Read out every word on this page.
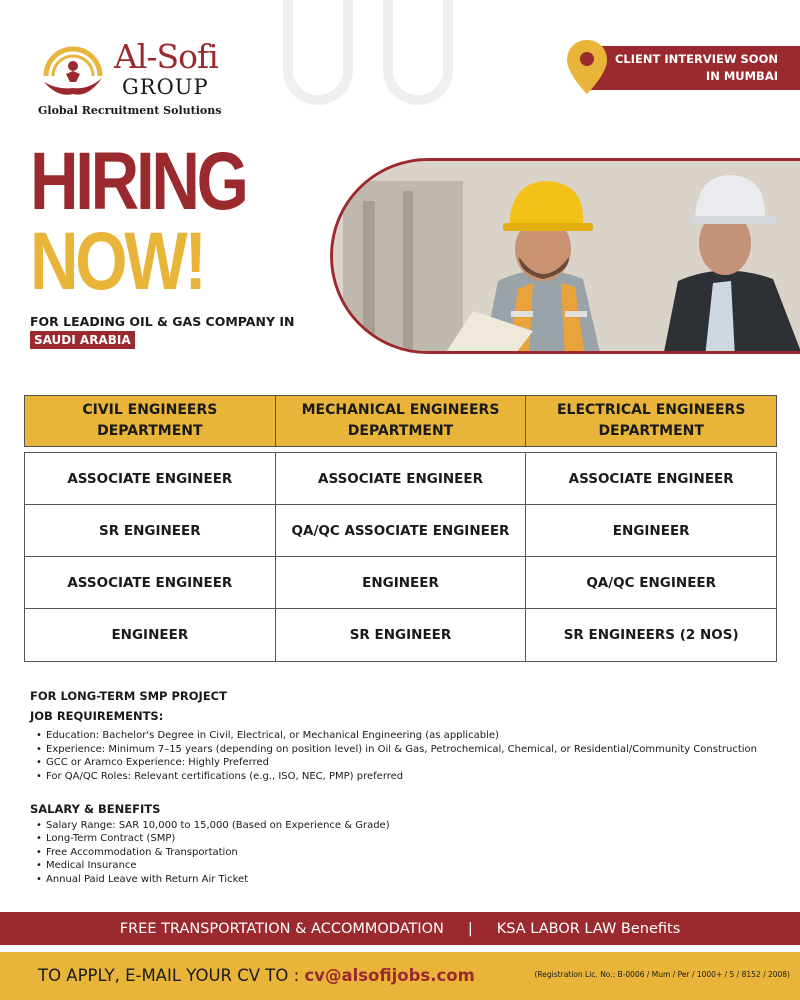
Al-Sofi
GROUP
Global Recruitment Solutions
CLIENT INTERVIEW SOON
IN MUMBAI
HIRING
NOW!
FOR LEADING OIL & GAS COMPANY IN
SAUDI ARABIA
CIVIL ENGINEERS
DEPARTMENT
MECHANICAL ENGINEERS
DEPARTMENT
ELECTRICAL ENGINEERS
DEPARTMENT
ASSOCIATE ENGINEER	ASSOCIATE ENGINEER	ASSOCIATE ENGINEER
SR ENGINEER	QA/QC ASSOCIATE ENGINEER	ENGINEER
ASSOCIATE ENGINEER	ENGINEER	QA/QC ENGINEER
ENGINEER	SR ENGINEER	SR ENGINEERS (2 NOS)
FOR LONG-TERM SMP PROJECT
JOB REQUIREMENTS:
• Education: Bachelor's Degree in Civil, Electrical, or Mechanical Engineering (as applicable)
• Experience: Minimum 7–15 years (depending on position level) in Oil & Gas, Petrochemical, Chemical, or Residential/Community Construction
• GCC or Aramco Experience: Highly Preferred
• For QA/QC Roles: Relevant certifications (e.g., ISO, NEC, PMP) preferred
SALARY & BENEFITS
• Salary Range: SAR 10,000 to 15,000 (Based on Experience & Grade)
• Long-Term Contract (SMP)
• Free Accommodation & Transportation
• Medical Insurance
• Annual Paid Leave with Return Air Ticket
FREE TRANSPORTATION & ACCOMMODATION | KSA LABOR LAW Benefits
TO APPLY, E-MAIL YOUR CV TO : cv@alsofijobs.com	(Registration Lic. No.: B-0006 / Mum / Per / 1000+ / 5 / 8152 / 2008)
